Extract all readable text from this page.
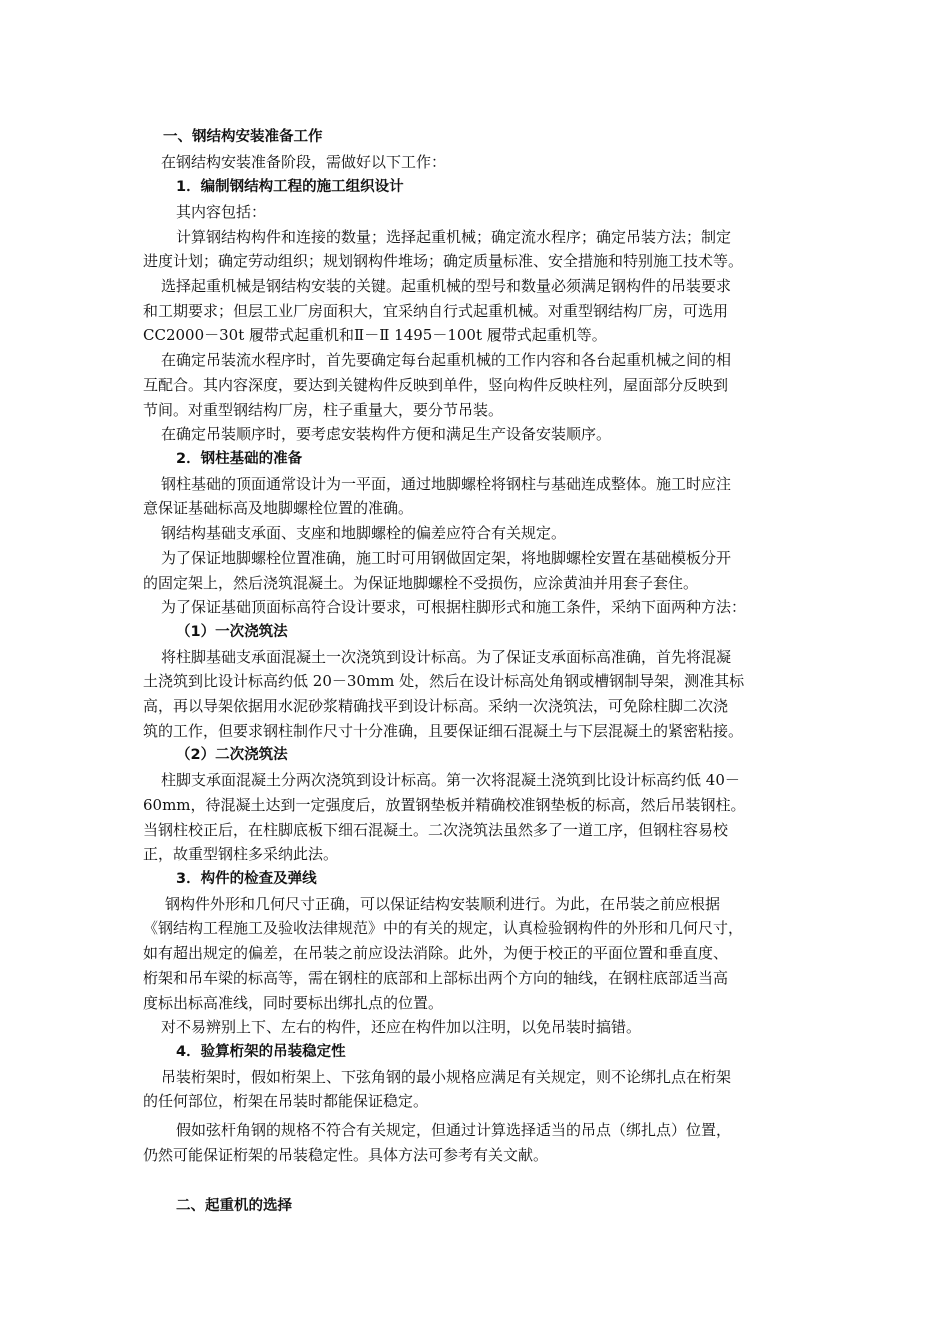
一、钢结构安装准备工作
在钢结构安装准备阶段，需做好以下工作：
1．编制钢结构工程的施工组织设计
其内容包括：
计算钢结构构件和连接的数量；选择起重机械；确定流水程序；确定吊装方法；制定
进度计划；确定劳动组织；规划钢构件堆场；确定质量标准、安全措施和特别施工技术等。
选择起重机械是钢结构安装的关键。起重机械的型号和数量必须满足钢构件的吊装要求
和工期要求；但层工业厂房面积大，宜采纳自行式起重机械。对重型钢结构厂房，可选用
CC2000－30t 履带式起重机和Ⅱ－Ⅱ 1495－100t 履带式起重机等。
在确定吊装流水程序时，首先要确定每台起重机械的工作内容和各台起重机械之间的相
互配合。其内容深度，要达到关键构件反映到单件，竖向构件反映柱列，屋面部分反映到
节间。对重型钢结构厂房，柱子重量大，要分节吊装。
在确定吊装顺序时，要考虑安装构件方便和满足生产设备安装顺序。
2．钢柱基础的准备
钢柱基础的顶面通常设计为一平面，通过地脚螺栓将钢柱与基础连成整体。施工时应注
意保证基础标高及地脚螺栓位置的准确。
钢结构基础支承面、支座和地脚螺栓的偏差应符合有关规定。
为了保证地脚螺栓位置准确，施工时可用钢做固定架，将地脚螺栓安置在基础模板分开
的固定架上，然后浇筑混凝土。为保证地脚螺栓不受损伤，应涂黄油并用套子套住。
为了保证基础顶面标高符合设计要求，可根据柱脚形式和施工条件，采纳下面两种方法：
（1）一次浇筑法
将柱脚基础支承面混凝土一次浇筑到设计标高。为了保证支承面标高准确，首先将混凝
土浇筑到比设计标高约低 20－30mm 处，然后在设计标高处角钢或槽钢制导架，测准其标
高，再以导架依据用水泥砂浆精确找平到设计标高。采纳一次浇筑法，可免除柱脚二次浇
筑的工作，但要求钢柱制作尺寸十分准确，且要保证细石混凝土与下层混凝土的紧密粘接。
（2）二次浇筑法
柱脚支承面混凝土分两次浇筑到设计标高。第一次将混凝土浇筑到比设计标高约低 40－
60mm，待混凝土达到一定强度后，放置钢垫板并精确校准钢垫板的标高，然后吊装钢柱。
当钢柱校正后，在柱脚底板下细石混凝土。二次浇筑法虽然多了一道工序，但钢柱容易校
正，故重型钢柱多采纳此法。
3．构件的检查及弹线
钢构件外形和几何尺寸正确，可以保证结构安装顺利进行。为此，在吊装之前应根据
《钢结构工程施工及验收法律规范》中的有关的规定，认真检验钢构件的外形和几何尺寸，
如有超出规定的偏差，在吊装之前应设法消除。此外，为便于校正的平面位置和垂直度、
桁架和吊车梁的标高等，需在钢柱的底部和上部标出两个方向的轴线，在钢柱底部适当高
度标出标高准线，同时要标出绑扎点的位置。
对不易辨别上下、左右的构件，还应在构件加以注明，以免吊装时搞错。
4．验算桁架的吊装稳定性
吊装桁架时，假如桁架上、下弦角钢的最小规格应满足有关规定，则不论绑扎点在桁架
的任何部位，桁架在吊装时都能保证稳定。
假如弦杆角钢的规格不符合有关规定，但通过计算选择适当的吊点（绑扎点）位置，
仍然可能保证桁架的吊装稳定性。具体方法可参考有关文献。
二、起重机的选择
